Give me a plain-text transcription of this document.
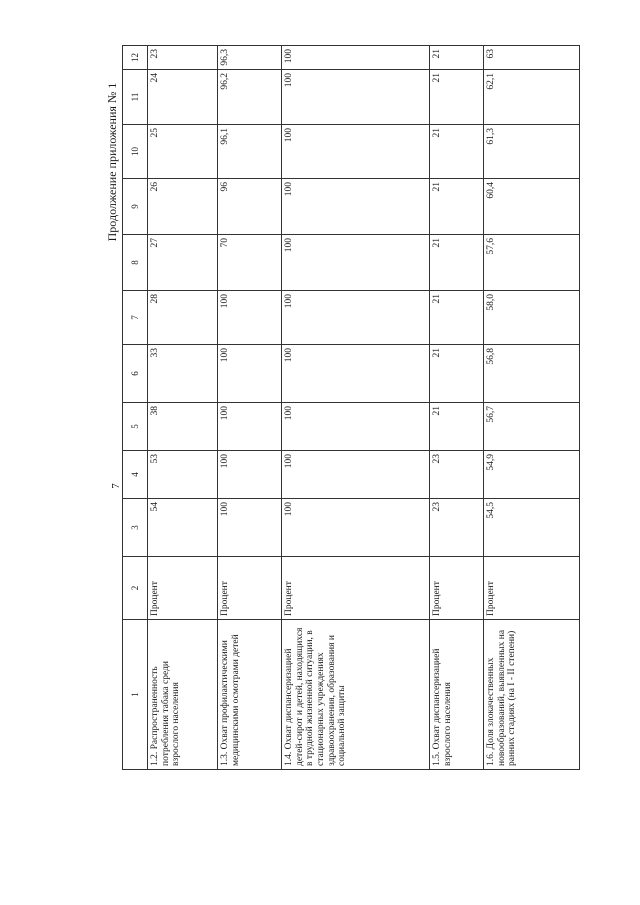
7
Продолжение приложения № 1
1	2	3	4	5	6	7	8	9	10	11	12
1.2. Распространенность потребления табака среди взрослого населения	Процент	54	53	38	33	28	27	26	25	24	23
1.3. Охват профилактическими медицинскими осмотрами детей	Процент	100	100	100	100	100	70	96	96,1	96,2	96,3
1.4. Охват диспансеризацией детей-сирот и детей, находящихся в трудной жизненной ситуации, в стационарных учреждениях здравоохранения, образования и социальной защиты	Процент	100	100	100	100	100	100	100	100	100	100
1.5. Охват диспансеризацией взрослого населения	Процент	23	23	21	21	21	21	21	21	21	21
1.6. Доля злокачественных новообразований, выявленных на ранних стадиях (на I - II степени)	Процент	54,5	54,9	56,7	56,8	58,0	57,6	60,4	61,3	62,1	63
